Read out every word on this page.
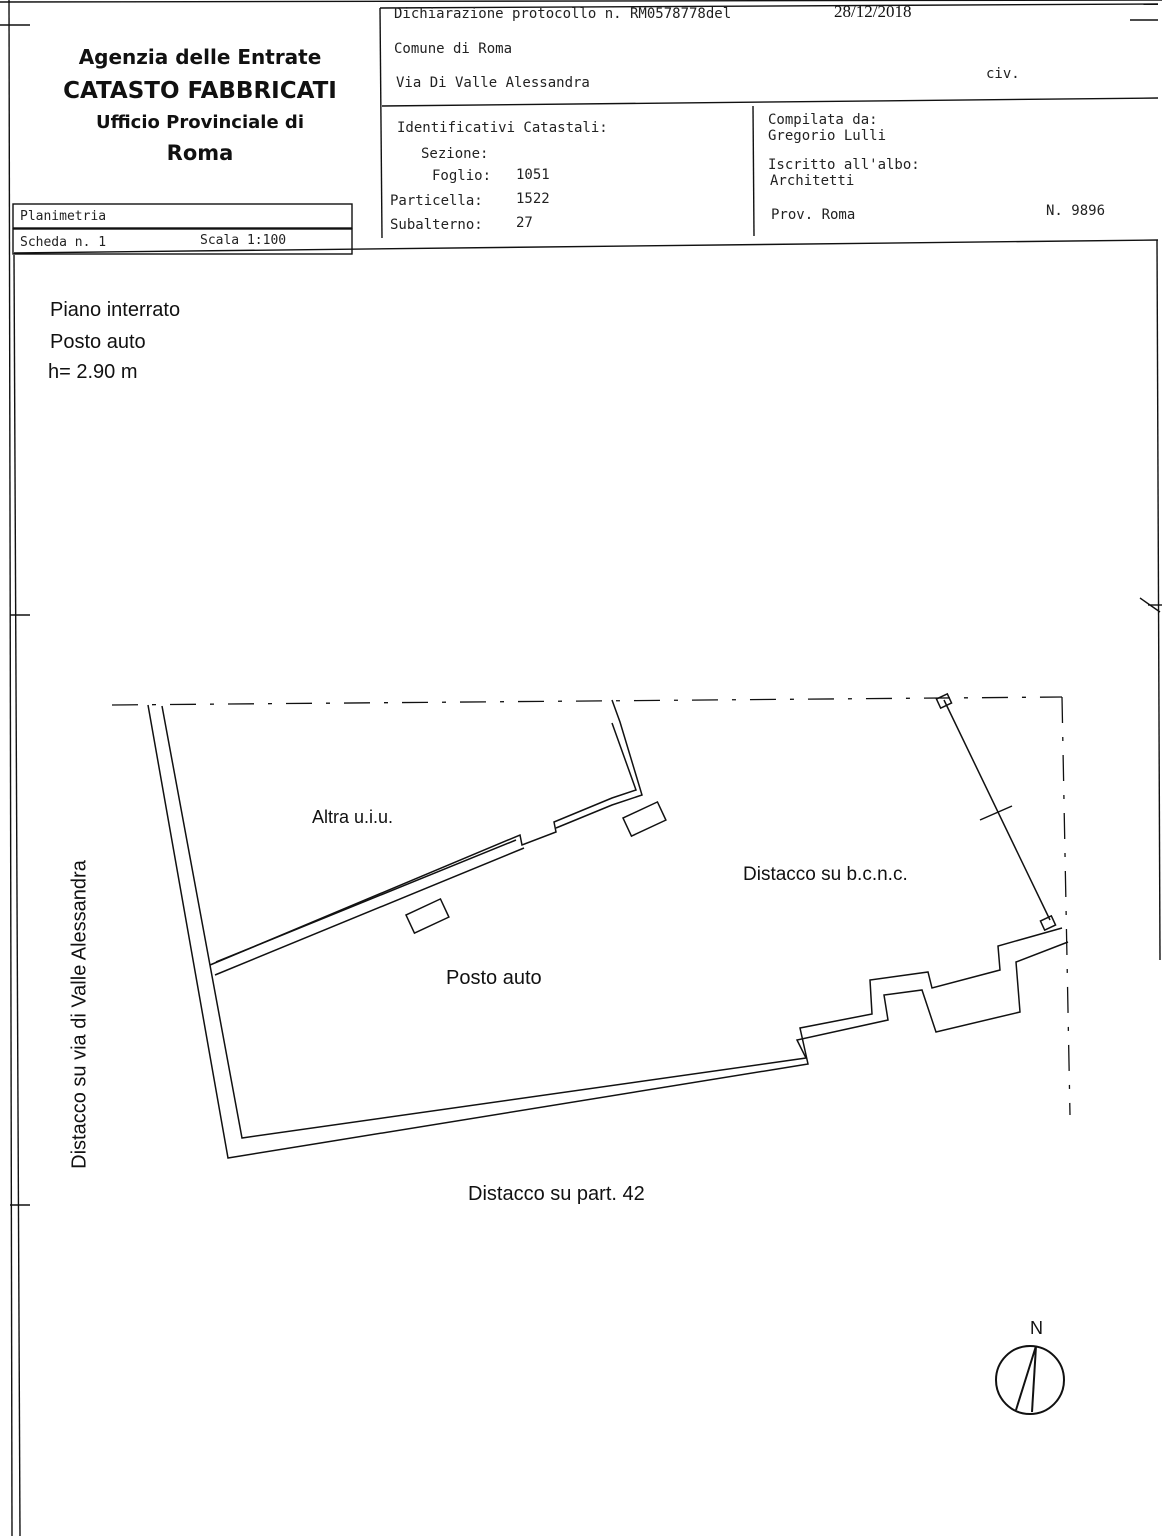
Agenzia delle Entrate
CATASTO FABBRICATI
Ufficio Provinciale di
Roma
Dichiarazione protocollo n. RM0578778del	28/12/2018
Comune di Roma
Via Di Valle Alessandra
civ.
Identificativi Catastali:
Sezione:
Foglio: 1051
Particella: 1522
Subalterno: 27
Compilata da:
Gregorio Lulli
Iscritto all'albo:
Architetti
Prov. Roma	N. 9896
Planimetria
Scheda n. 1	Scala 1:100
Piano interrato
Posto auto
h= 2.90 m
Altra u.i.u.
Distacco su b.c.n.c.
Posto auto
Distacco su part. 42
Distacco su via di Valle Alessandra
N
